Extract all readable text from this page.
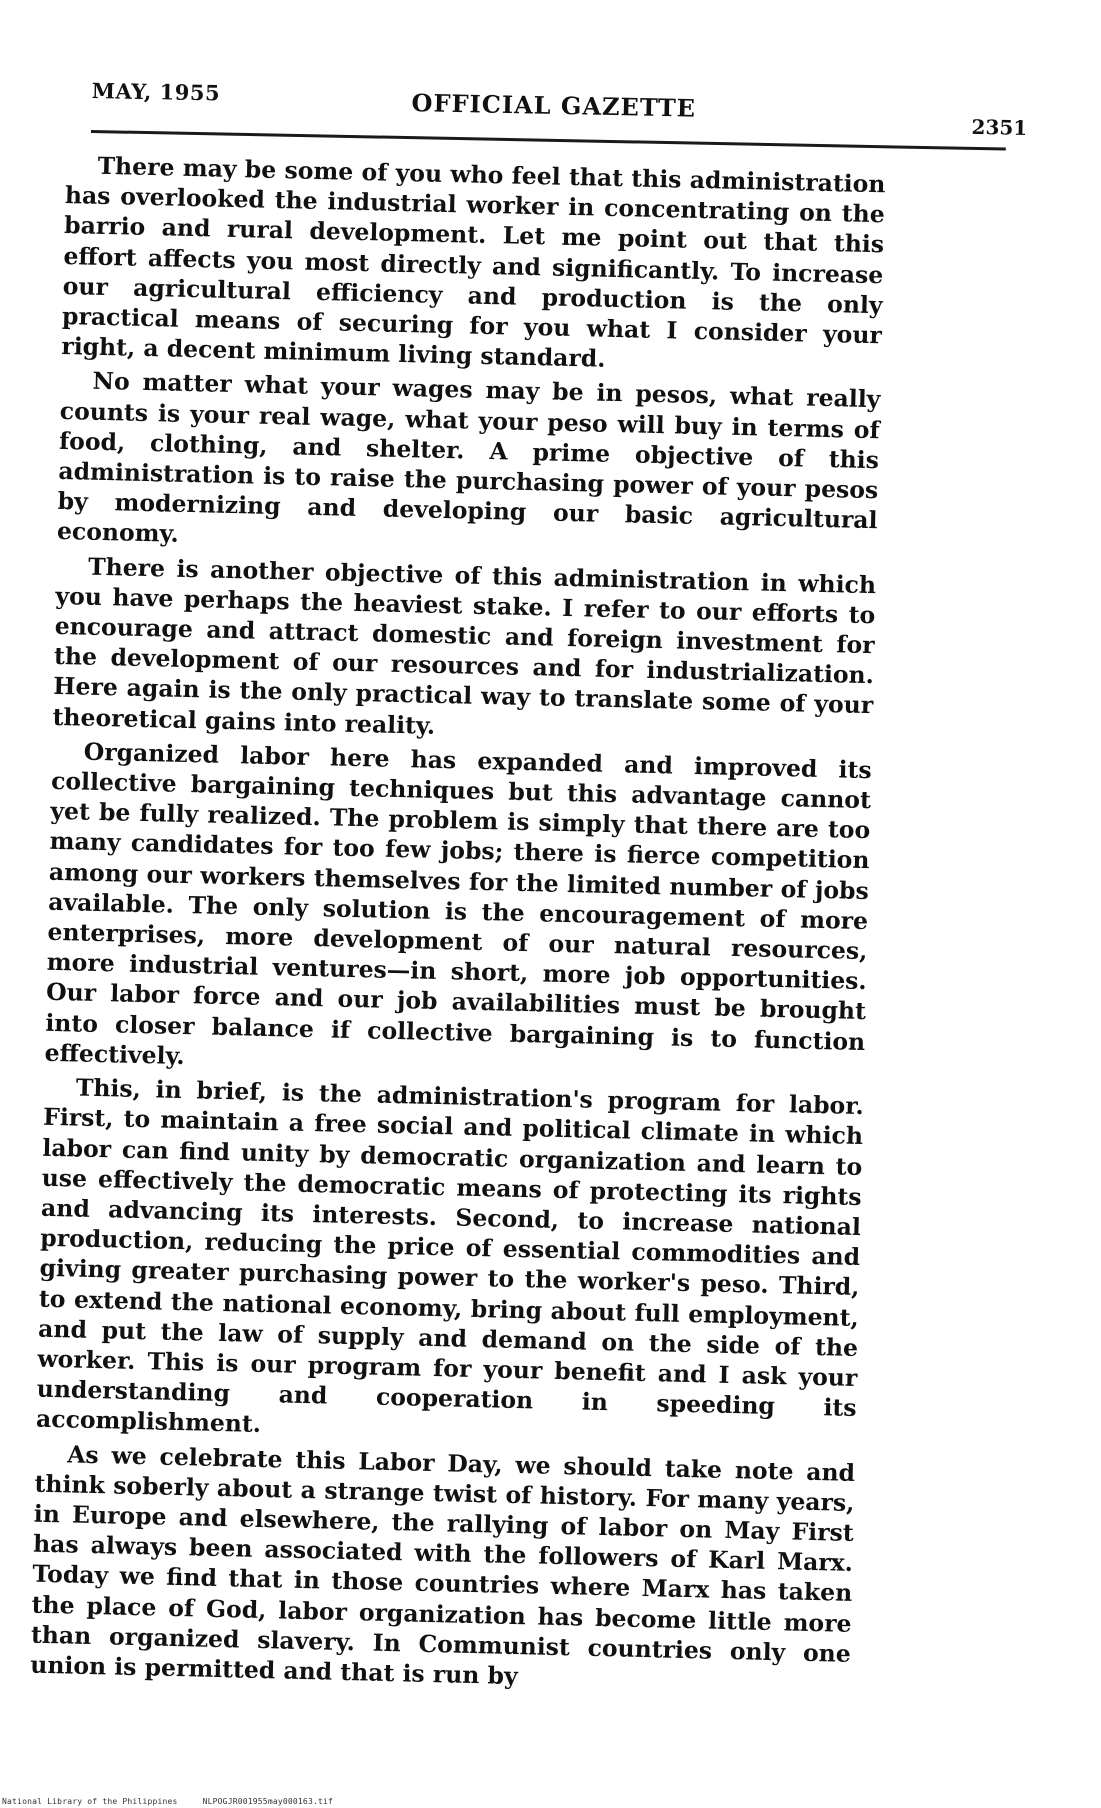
MAY, 1955	OFFICIAL GAZETTE
2351

There may be some of you who feel that this administration has overlooked the industrial worker in concentrating on the barrio and rural development. Let me point out that this effort affects you most directly and significantly. To increase our agricultural efficiency and production is the only practical means of securing for you what I consider your right, a decent minimum living standard.

No matter what your wages may be in pesos, what really counts is your real wage, what your peso will buy in terms of food, clothing, and shelter. A prime objective of this administration is to raise the purchasing power of your pesos by modernizing and developing our basic agricultural economy.

There is another objective of this administration in which you have perhaps the heaviest stake. I refer to our efforts to encourage and attract domestic and foreign investment for the development of our resources and for industrialization. Here again is the only practical way to translate some of your theoretical gains into reality.

Organized labor here has expanded and improved its collective bargaining techniques but this advantage cannot yet be fully realized. The problem is simply that there are too many candidates for too few jobs; there is fierce competition among our workers themselves for the limited number of jobs available. The only solution is the encouragement of more enterprises, more development of our natural resources, more industrial ventures—in short, more job opportunities. Our labor force and our job availabilities must be brought into closer balance if collective bargaining is to function effectively.

This, in brief, is the administration's program for labor. First, to maintain a free social and political climate in which labor can find unity by democratic organization and learn to use effectively the democratic means of protecting its rights and advancing its interests. Second, to increase national production, reducing the price of essential commodities and giving greater purchasing power to the worker's peso. Third, to extend the national economy, bring about full employment, and put the law of supply and demand on the side of the worker. This is our program for your benefit and I ask your understanding and cooperation in speeding its accomplishment.

As we celebrate this Labor Day, we should take note and think soberly about a strange twist of history. For many years, in Europe and elsewhere, the rallying of labor on May First has always been associated with the followers of Karl Marx. Today we find that in those countries where Marx has taken the place of God, labor organization has become little more than organized slavery. In Communist countries only one union is permitted and that is run by

National Library of the Philippines	NLPOGJR001955may000163.tif
